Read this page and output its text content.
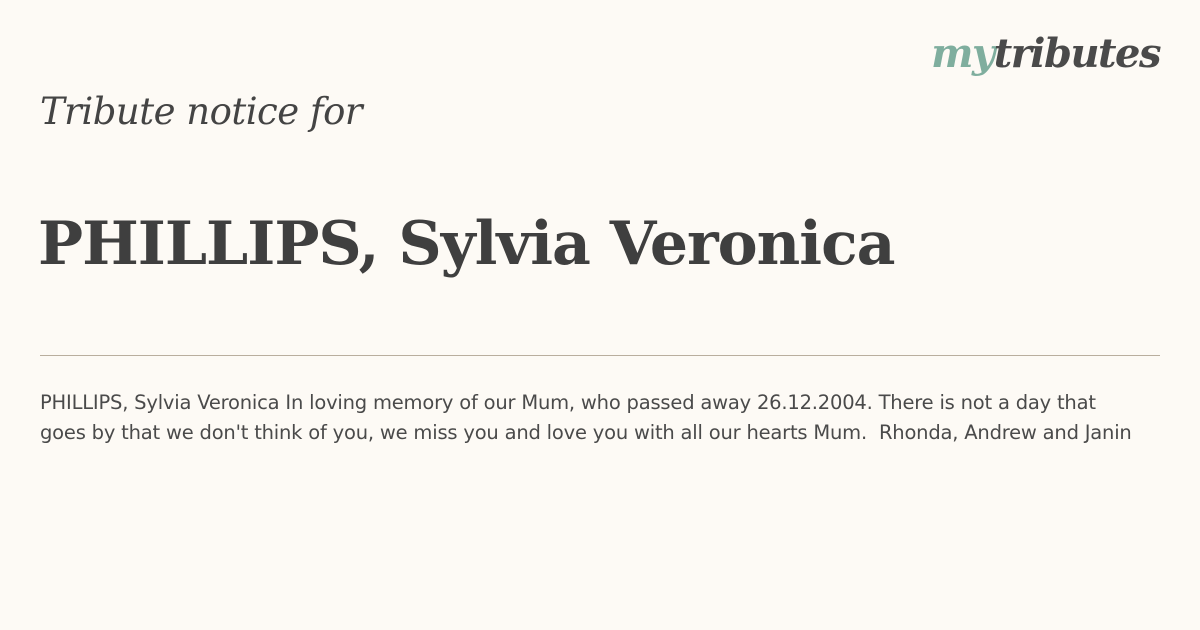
mytributes
Tribute notice for
PHILLIPS, Sylvia Veronica
PHILLIPS, Sylvia Veronica In loving memory of our Mum, who passed away 26.12.2004. There is not a day that goes by that we don't think of you, we miss you and love you with all our hearts Mum.  Rhonda, Andrew and Janin
